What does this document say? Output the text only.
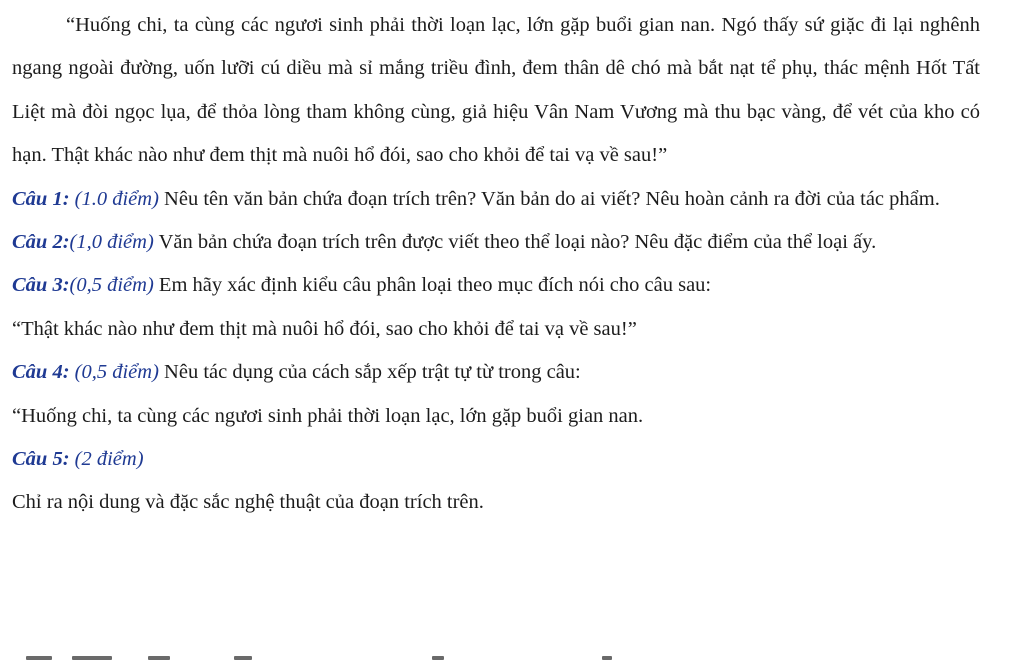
“Huống chi, ta cùng các ngươi sinh phải thời loạn lạc, lớn gặp buổi gian nan. Ngó thấy sứ giặc đi lại nghênh ngang ngoài đường, uốn lưỡi cú diều mà sỉ mắng triều đình, đem thân dê chó mà bắt nạt tể phụ, thác mệnh Hốt Tất Liệt mà đòi ngọc lụa, để thỏa lòng tham không cùng, giả hiệu Vân Nam Vương mà thu bạc vàng, để vét của kho có hạn. Thật khác nào như đem thịt mà nuôi hổ đói, sao cho khỏi để tai vạ về sau!”

Câu 1: (1.0 điểm) Nêu tên văn bản chứa đoạn trích trên? Văn bản do ai viết? Nêu hoàn cảnh ra đời của tác phẩm.

Câu 2:(1,0 điểm) Văn bản chứa đoạn trích trên được viết theo thể loại nào? Nêu đặc điểm của thể loại ấy.

Câu 3:(0,5 điểm) Em hãy xác định kiểu câu phân loại theo mục đích nói cho câu sau:

“Thật khác nào như đem thịt mà nuôi hổ đói, sao cho khỏi để tai vạ về sau!”

Câu 4: (0,5 điểm) Nêu tác dụng của cách sắp xếp trật tự từ trong câu:

“Huống chi, ta cùng các ngươi sinh phải thời loạn lạc, lớn gặp buổi gian nan.

Câu 5: (2 điểm)

Chỉ ra nội dung và đặc sắc nghệ thuật của đoạn trích trên.
